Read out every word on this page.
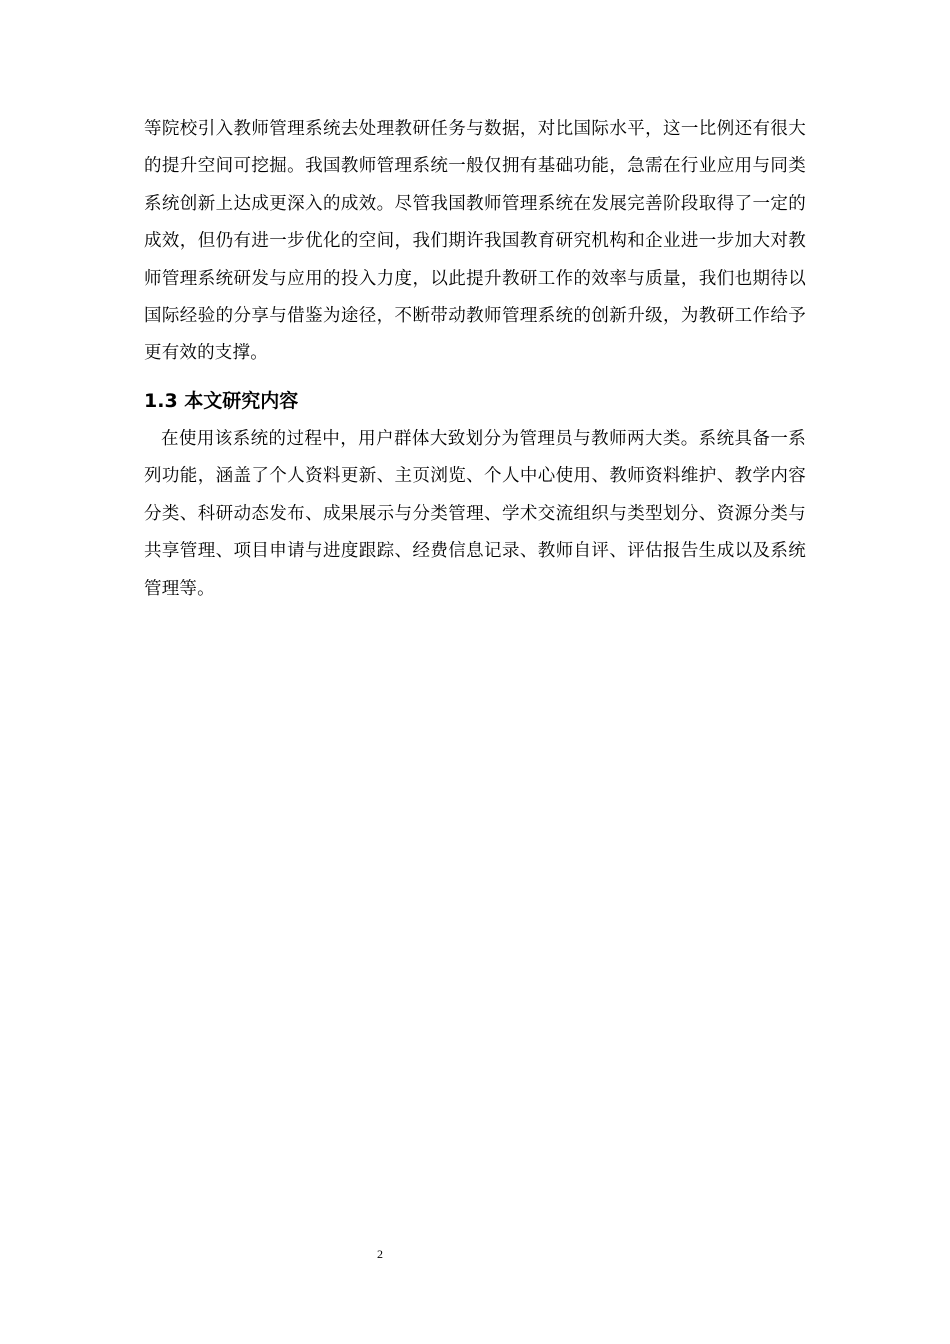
等院校引入教师管理系统去处理教研任务与数据，对比国际水平，这一比例还有很大的提升空间可挖掘。我国教师管理系统一般仅拥有基础功能，急需在行业应用与同类系统创新上达成更深入的成效。尽管我国教师管理系统在发展完善阶段取得了一定的成效，但仍有进一步优化的空间，我们期许我国教育研究机构和企业进一步加大对教师管理系统研发与应用的投入力度，以此提升教研工作的效率与质量，我们也期待以国际经验的分享与借鉴为途径，不断带动教师管理系统的创新升级，为教研工作给予更有效的支撑。

1.3 本文研究内容

在使用该系统的过程中，用户群体大致划分为管理员与教师两大类。系统具备一系列功能，涵盖了个人资料更新、主页浏览、个人中心使用、教师资料维护、教学内容分类、科研动态发布、成果展示与分类管理、学术交流组织与类型划分、资源分类与共享管理、项目申请与进度跟踪、经费信息记录、教师自评、评估报告生成以及系统管理等。

2
